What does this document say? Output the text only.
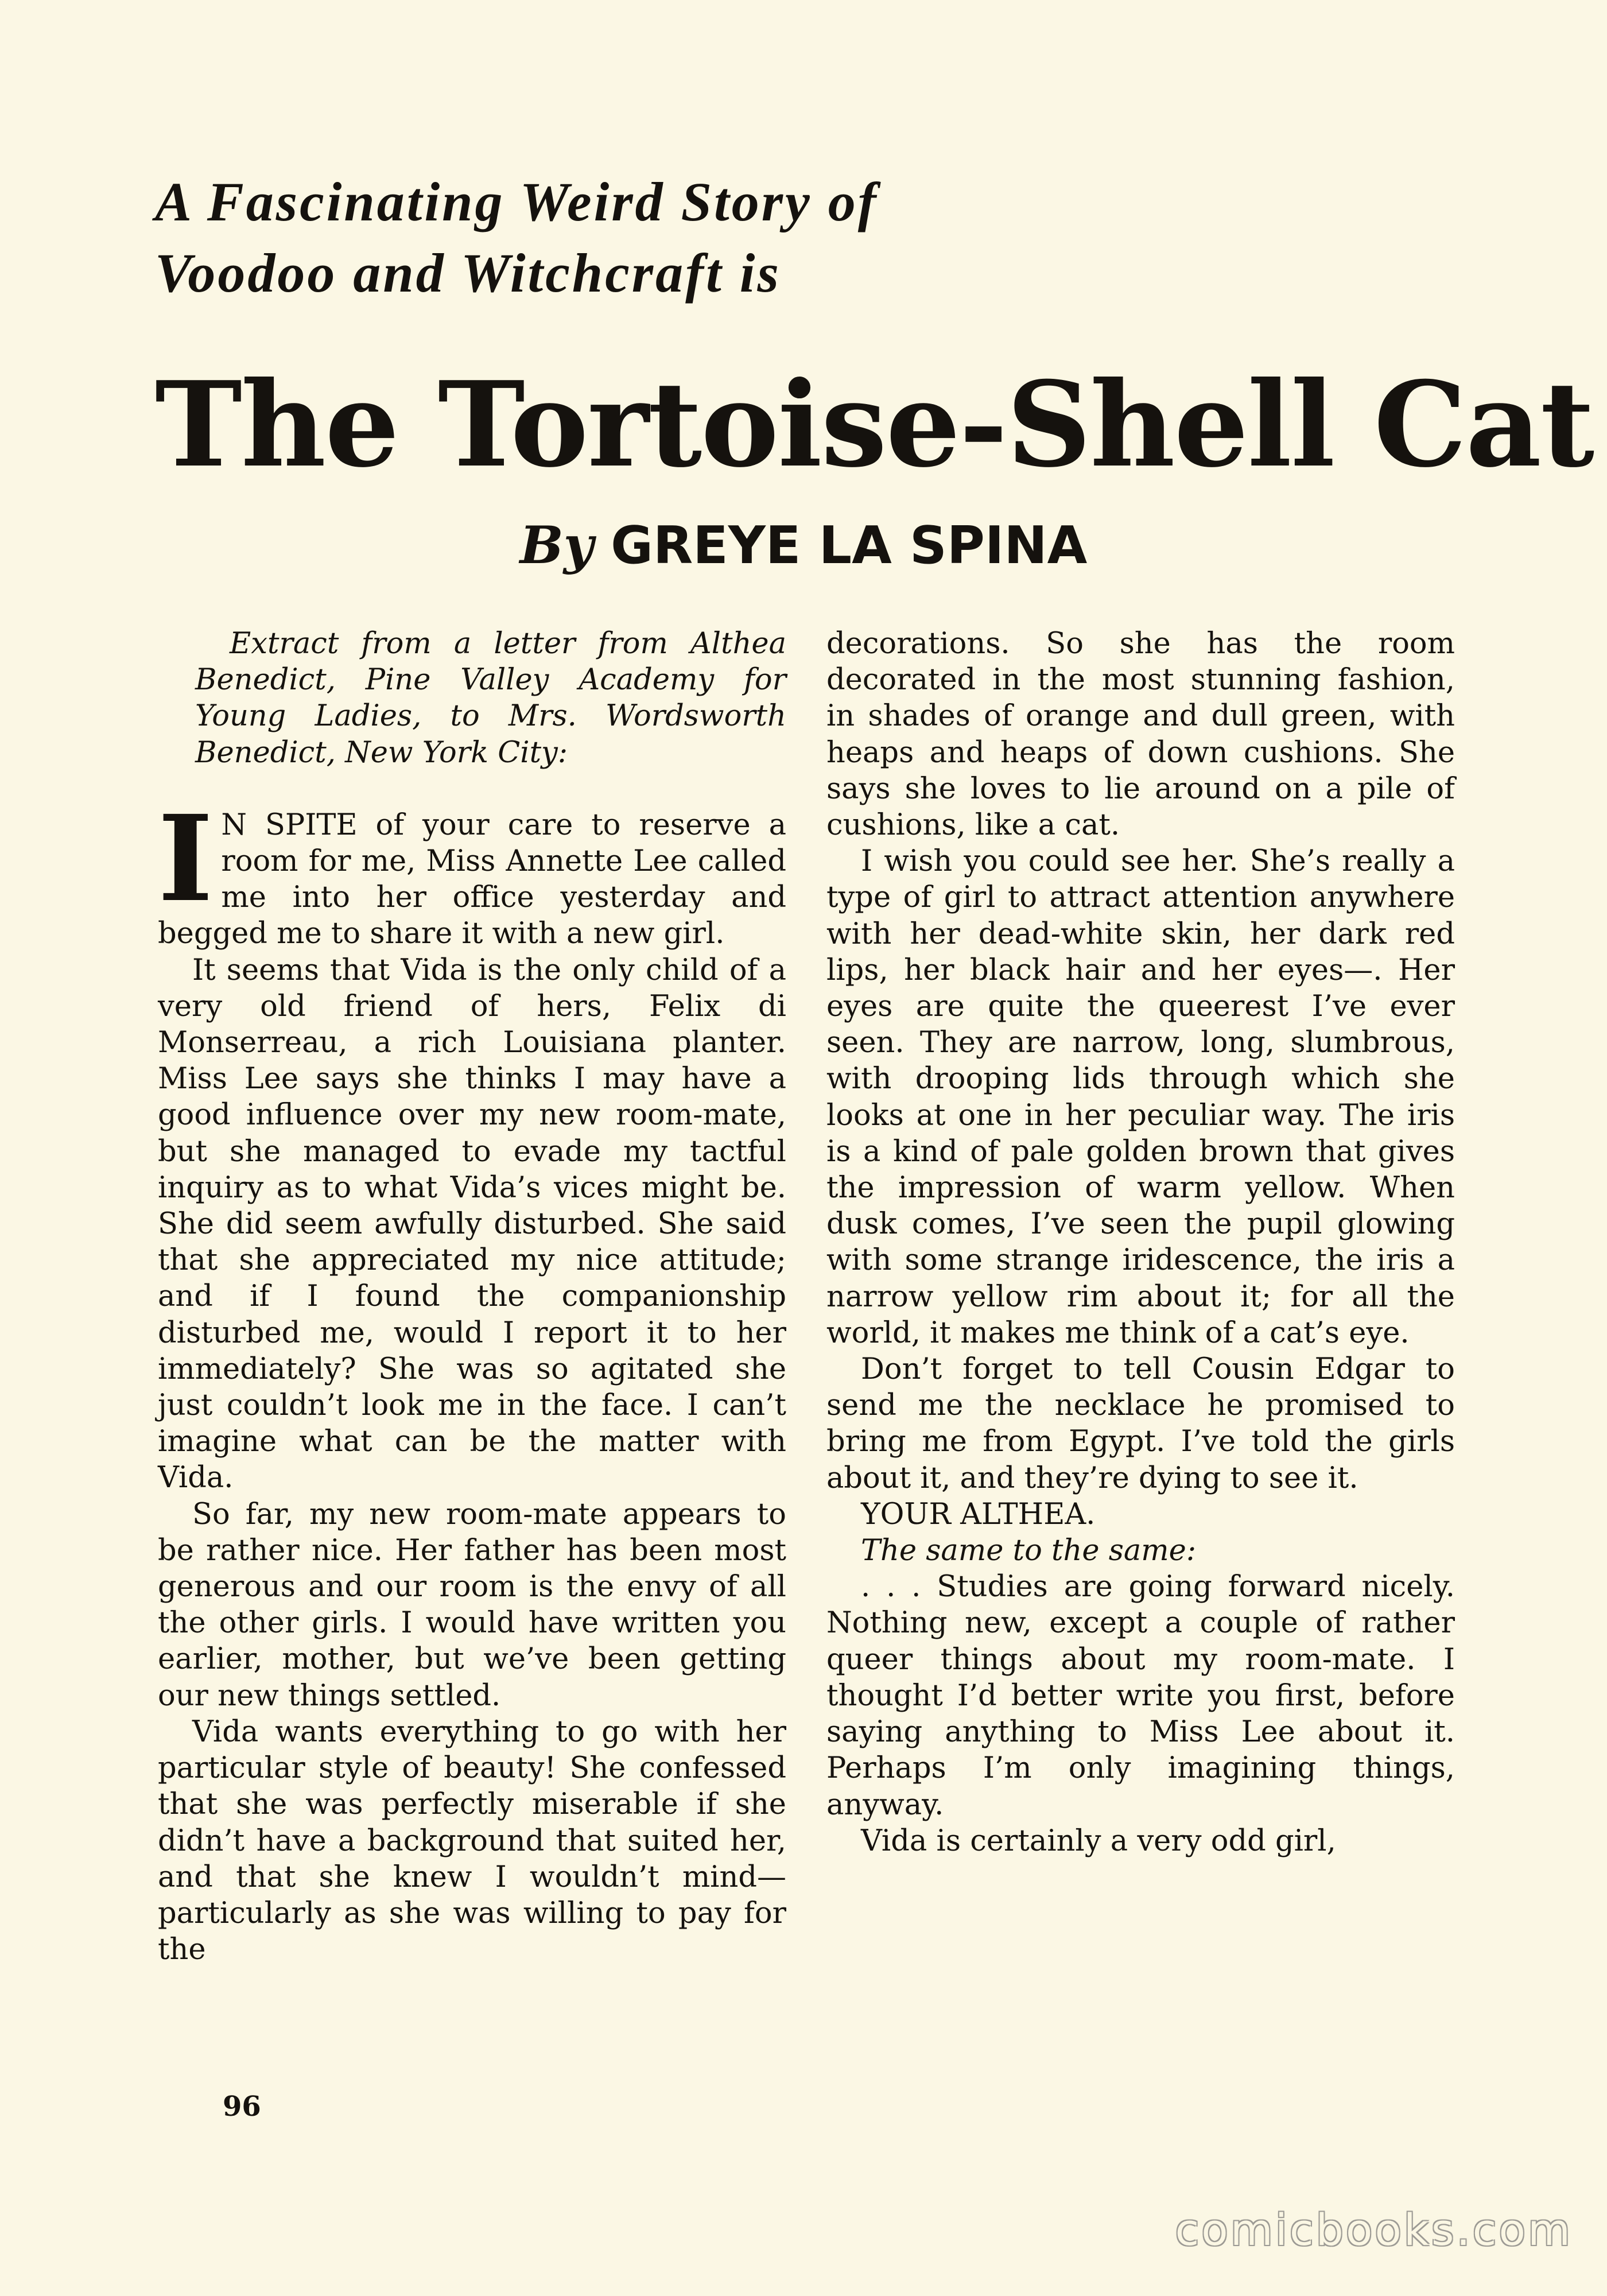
A Fascinating Weird Story of
Voodoo and Witchcraft is
The Tortoise-Shell Cat
By GREYE LA SPINA

Extract from a letter from Althea Benedict, Pine Valley Academy for Young Ladies, to Mrs. Wordsworth Benedict, New York City:

I N SPITE of your care to reserve a room for me, Miss Annette Lee called me into her office yesterday and begged me to share it with a new girl.

It seems that Vida is the only child of a very old friend of hers, Felix di Monserreau, a rich Louisiana planter. Miss Lee says she thinks I may have a good influence over my new room-mate, but she managed to evade my tactful inquiry as to what Vida’s vices might be. She did seem awfully disturbed. She said that she appreciated my nice attitude; and if I found the companionship disturbed me, would I report it to her immediately? She was so agitated she just couldn’t look me in the face. I can’t imagine what can be the matter with Vida.

So far, my new room-mate appears to be rather nice. Her father has been most generous and our room is the envy of all the other girls. I would have written you earlier, mother, but we’ve been getting our new things settled.

Vida wants everything to go with her particular style of beauty! She confessed that she was perfectly miserable if she didn’t have a background that suited her, and that she knew I wouldn’t mind—particularly as she was willing to pay for the

decorations. So she has the room decorated in the most stunning fashion, in shades of orange and dull green, with heaps and heaps of down cushions. She says she loves to lie around on a pile of cushions, like a cat.

I wish you could see her. She’s really a type of girl to attract attention anywhere with her dead-white skin, her dark red lips, her black hair and her eyes—. Her eyes are quite the queerest I’ve ever seen. They are narrow, long, slumbrous, with drooping lids through which she looks at one in her peculiar way. The iris is a kind of pale golden brown that gives the impression of warm yellow. When dusk comes, I’ve seen the pupil glowing with some strange iridescence, the iris a narrow yellow rim about it; for all the world, it makes me think of a cat’s eye.

Don’t forget to tell Cousin Edgar to send me the necklace he promised to bring me from Egypt. I’ve told the girls about it, and they’re dying to see it.

YOUR ALTHEA.

The same to the same:

. . . Studies are going forward nicely. Nothing new, except a couple of rather queer things about my room-mate. I thought I’d better write you first, before saying anything to Miss Lee about it. Perhaps I’m only imagining things, anyway.

Vida is certainly a very odd girl,

96
comicbooks.com
